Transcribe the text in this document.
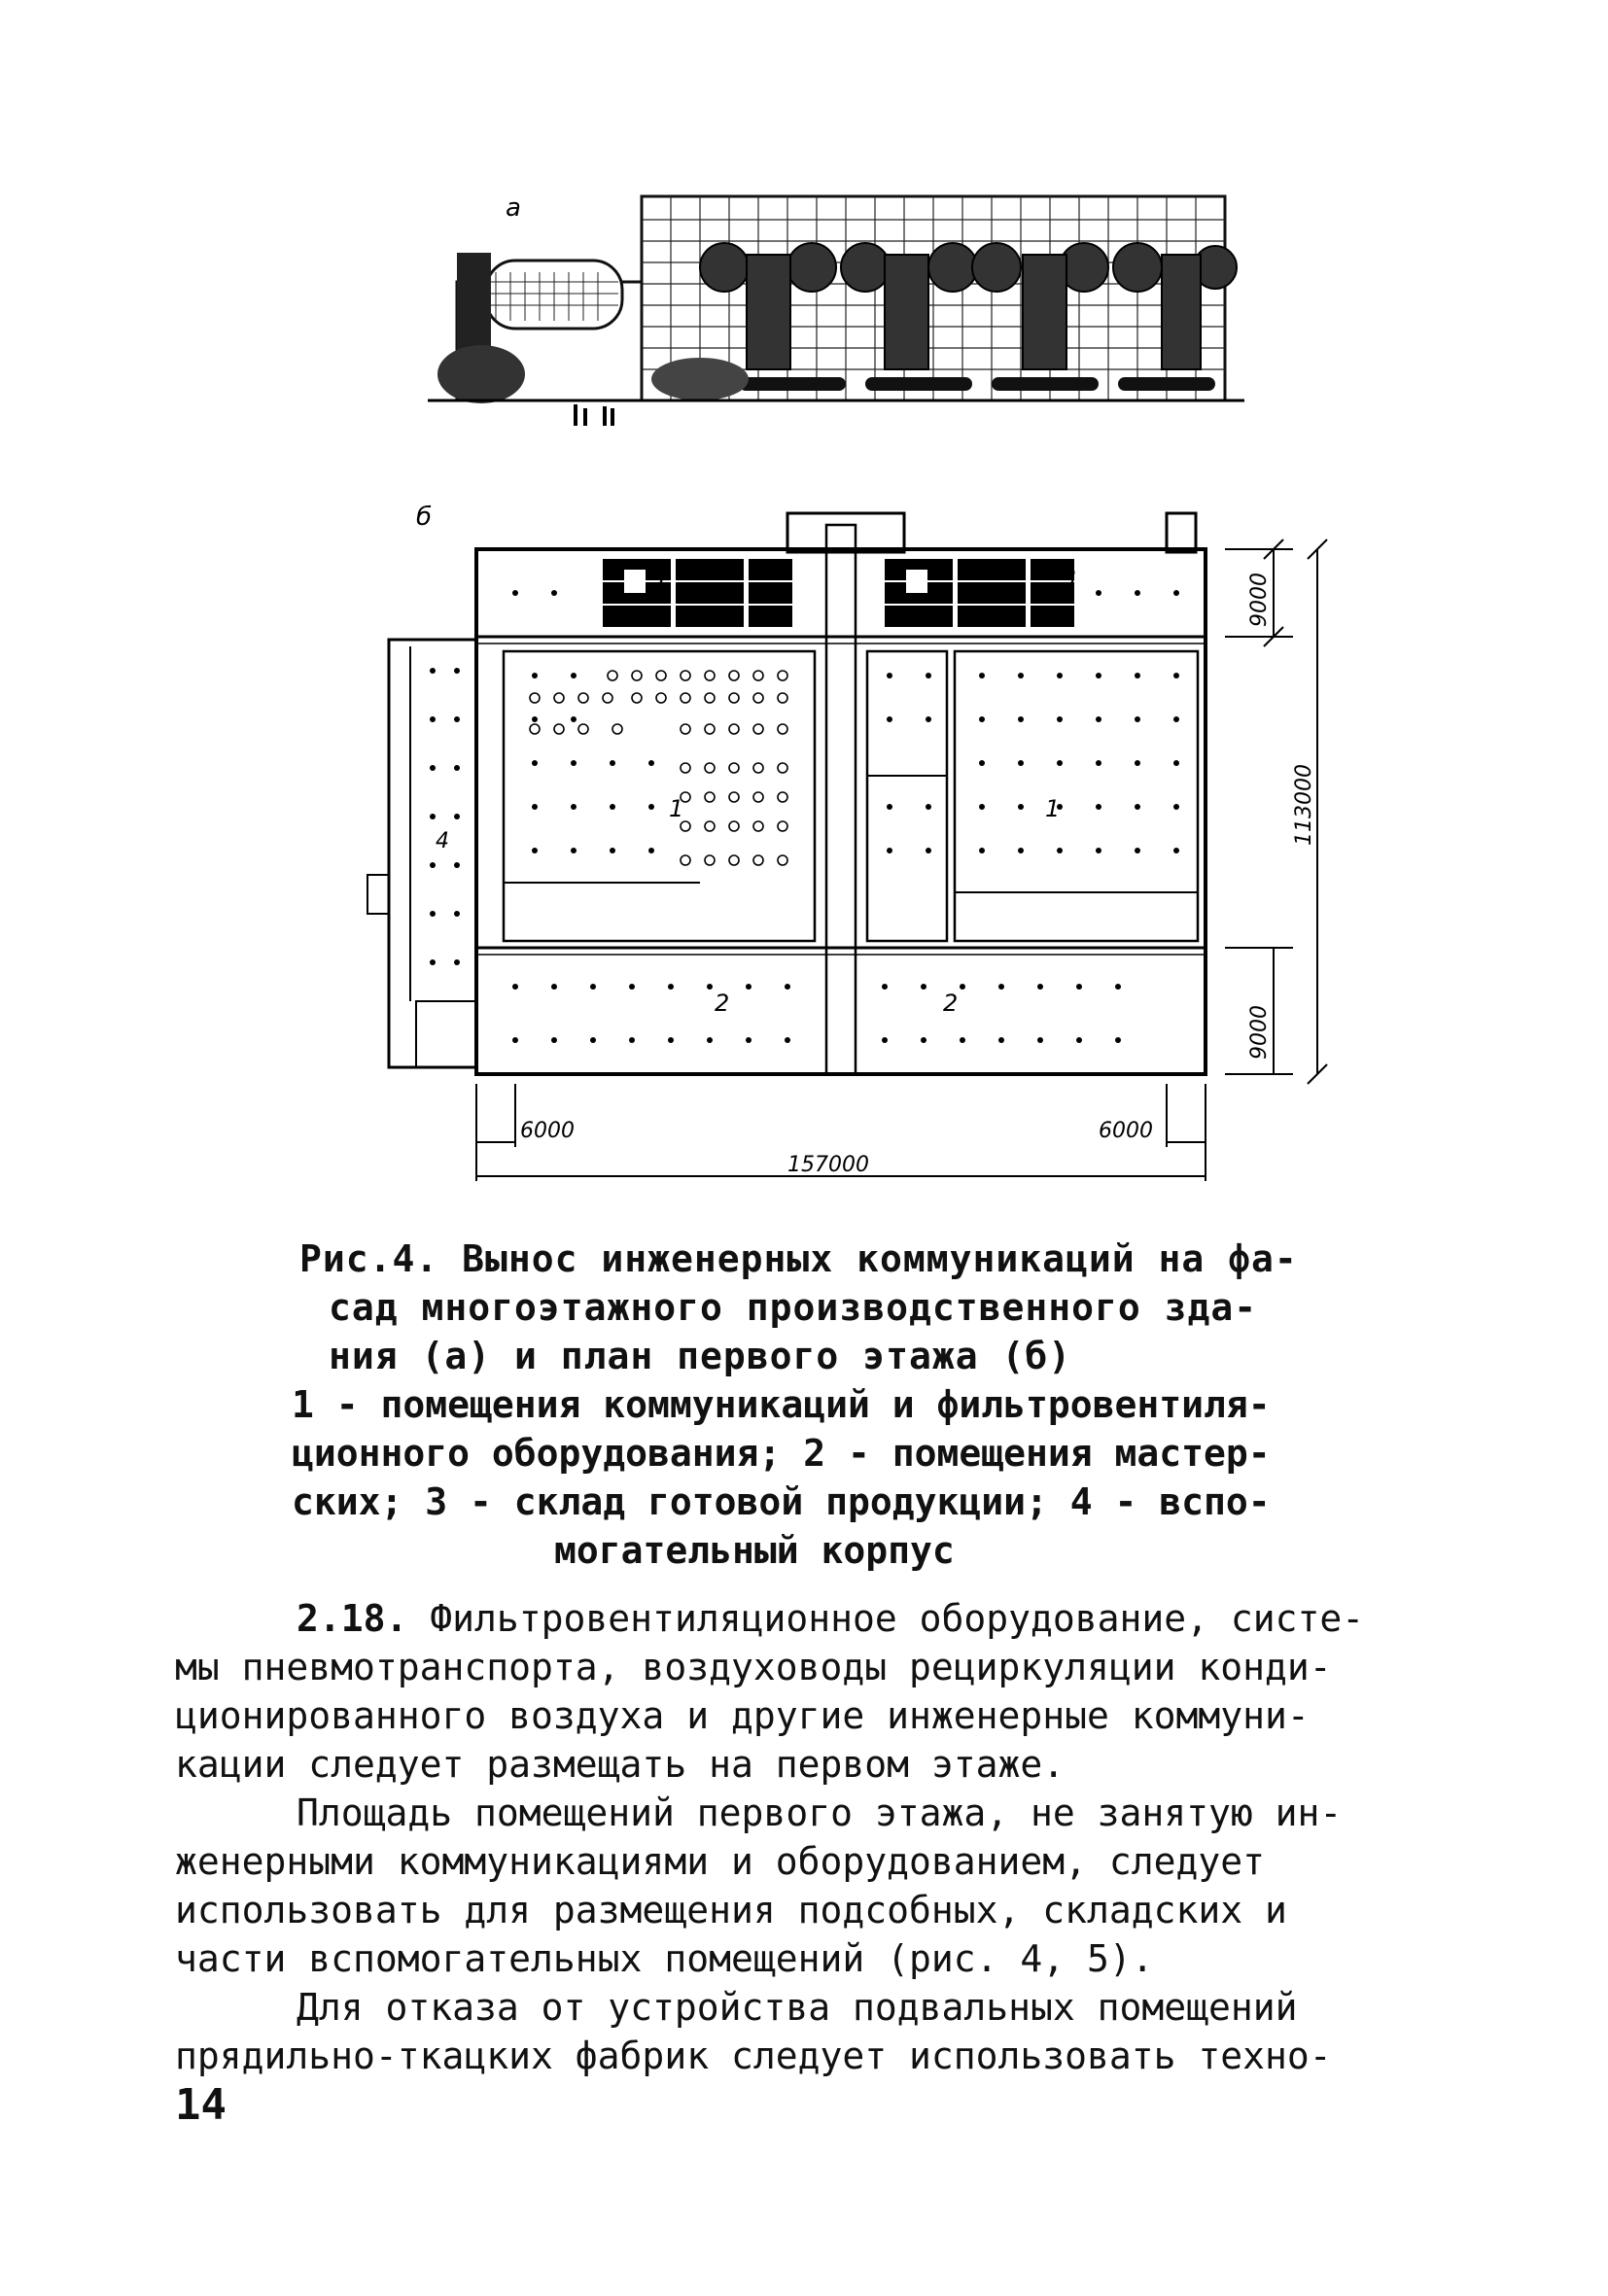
а
б
1	1
2	2
3	3
4
9000
113000
9000
6000	6000
157000
Рис.4. Вынос инженерных коммуникаций на фа-
сад многоэтажного производственного зда-
ния (а) и план первого этажа (б)
1 - помещения коммуникаций и фильтровентиля-
ционного оборудования; 2 - помещения мастер-
ских; 3 - склад готовой продукции; 4 - вспо-
могательный корпус

2.18. Фильтровентиляционное оборудование, систе-

мы пневмотранспорта, воздуховоды рециркуляции конди-

ционированного воздуха и другие инженерные коммуни-

кации следует размещать на первом этаже.

Площадь помещений первого этажа, не занятую ин-

женерными коммуникациями и оборудованием, следует

использовать для размещения подсобных, складских и

части вспомогательных помещений (рис. 4, 5).

Для отказа от устройства подвальных помещений

прядильно-ткацких фабрик следует использовать техно-

14
